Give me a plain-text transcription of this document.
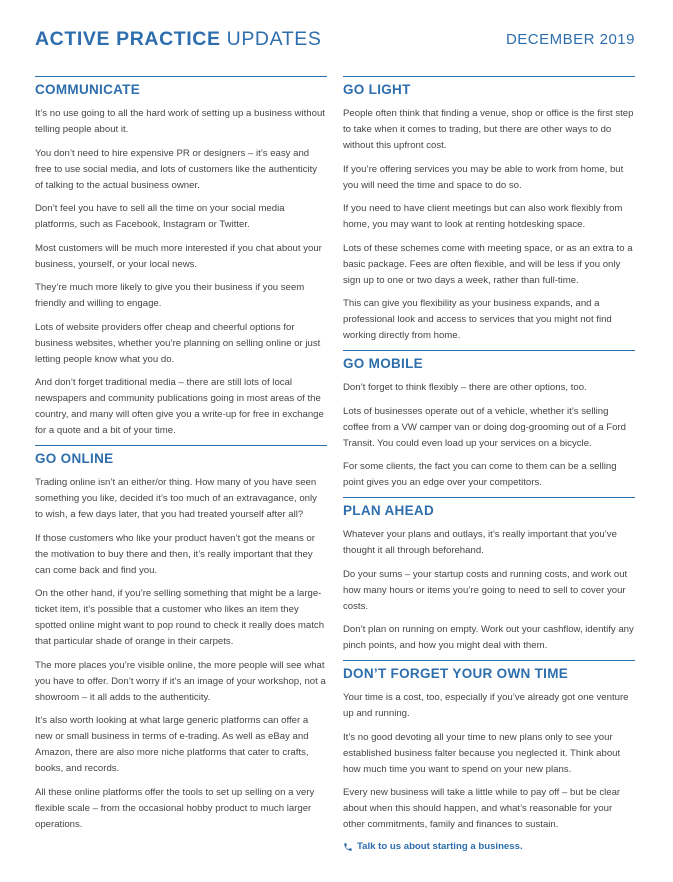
ACTIVE PRACTICE UPDATES	DECEMBER 2019
COMMUNICATE

It’s no use going to all the hard work of setting up a business without telling people about it.

You don’t need to hire expensive PR or designers – it’s easy and free to use social media, and lots of customers like the authenticity of talking to the actual business owner.

Don’t feel you have to sell all the time on your social media platforms, such as Facebook, Instagram or Twitter.

Most customers will be much more interested if you chat about your business, yourself, or your local news.

They’re much more likely to give you their business if you seem friendly and willing to engage.

Lots of website providers offer cheap and cheerful options for business websites, whether you’re planning on selling online or just letting people know what you do.

And don’t forget traditional media – there are still lots of local newspapers and community publications going in most areas of the country, and many will often give you a write-up for free in exchange for a quote and a bit of your time.

GO ONLINE

Trading online isn’t an either/or thing. How many of you have seen something you like, decided it’s too much of an extravagance, only to wish, a few days later, that you had treated yourself after all?

If those customers who like your product haven’t got the means or the motivation to buy there and then, it’s really important that they can come back and find you.

On the other hand, if you’re selling something that might be a large-ticket item, it’s possible that a customer who likes an item they spotted online might want to pop round to check it really does match that particular shade of orange in their carpets.

The more places you’re visible online, the more people will see what you have to offer. Don’t worry if it’s an image of your workshop, not a showroom – it all adds to the authenticity.

It’s also worth looking at what large generic platforms can offer a new or small business in terms of e-trading. As well as eBay and Amazon, there are also more niche platforms that cater to crafts, books, and records.

All these online platforms offer the tools to set up selling on a very flexible scale – from the occasional hobby product to much larger operations.

GO LIGHT

People often think that finding a venue, shop or office is the first step to take when it comes to trading, but there are other ways to do without this upfront cost.

If you’re offering services you may be able to work from home, but you will need the time and space to do so.

If you need to have client meetings but can also work flexibly from home, you may want to look at renting hotdesking space.

Lots of these schemes come with meeting space, or as an extra to a basic package. Fees are often flexible, and will be less if you only sign up to one or two days a week, rather than full-time.

This can give you flexibility as your business expands, and a professional look and access to services that you might not find working directly from home.

GO MOBILE

Don’t forget to think flexibly – there are other options, too.

Lots of businesses operate out of a vehicle, whether it’s selling coffee from a VW camper van or doing dog-grooming out of a Ford Transit. You could even load up your services on a bicycle.

For some clients, the fact you can come to them can be a selling point gives you an edge over your competitors.

PLAN AHEAD

Whatever your plans and outlays, it’s really important that you’ve thought it all through beforehand.

Do your sums – your startup costs and running costs, and work out how many hours or items you’re going to need to sell to cover your costs.

Don’t plan on running on empty. Work out your cashflow, identify any pinch points, and how you might deal with them.

DON’T FORGET YOUR OWN TIME

Your time is a cost, too, especially if you’ve already got one venture up and running.

It’s no good devoting all your time to new plans only to see your established business falter because you neglected it. Think about how much time you want to spend on your new plans.

Every new business will take a little while to pay off – but be clear about when this should happen, and what’s reasonable for your other commitments, family and finances to sustain.

Talk to us about starting a business.
